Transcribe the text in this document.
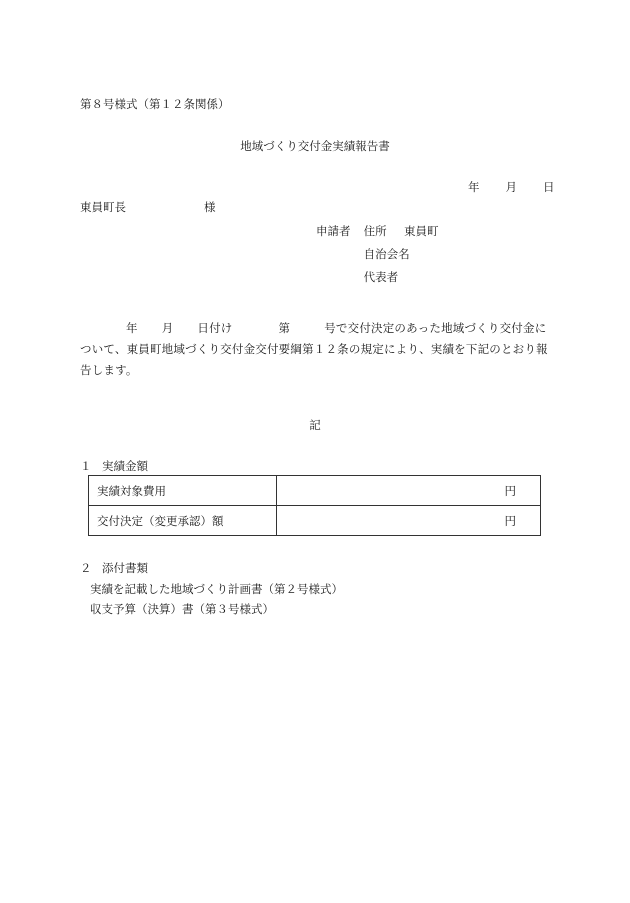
第８号様式（第１２条関係）
地域づくり交付金実績報告書
年 月 日
東員町長	様
申請者 住所 東員町
自治会名
代表者

年 月 日付け	第	号で交付決定のあった地域づくり交付金に

ついて、東員町地域づくり交付金交付要綱第１２条の規定により、実績を下記のとおり報

告します。

記
１ 実績金額
実績対象費用	円
交付決定（変更承認）額	円
２ 添付書類
実績を記載した地域づくり計画書（第２号様式）
収支予算（決算）書（第３号様式）
